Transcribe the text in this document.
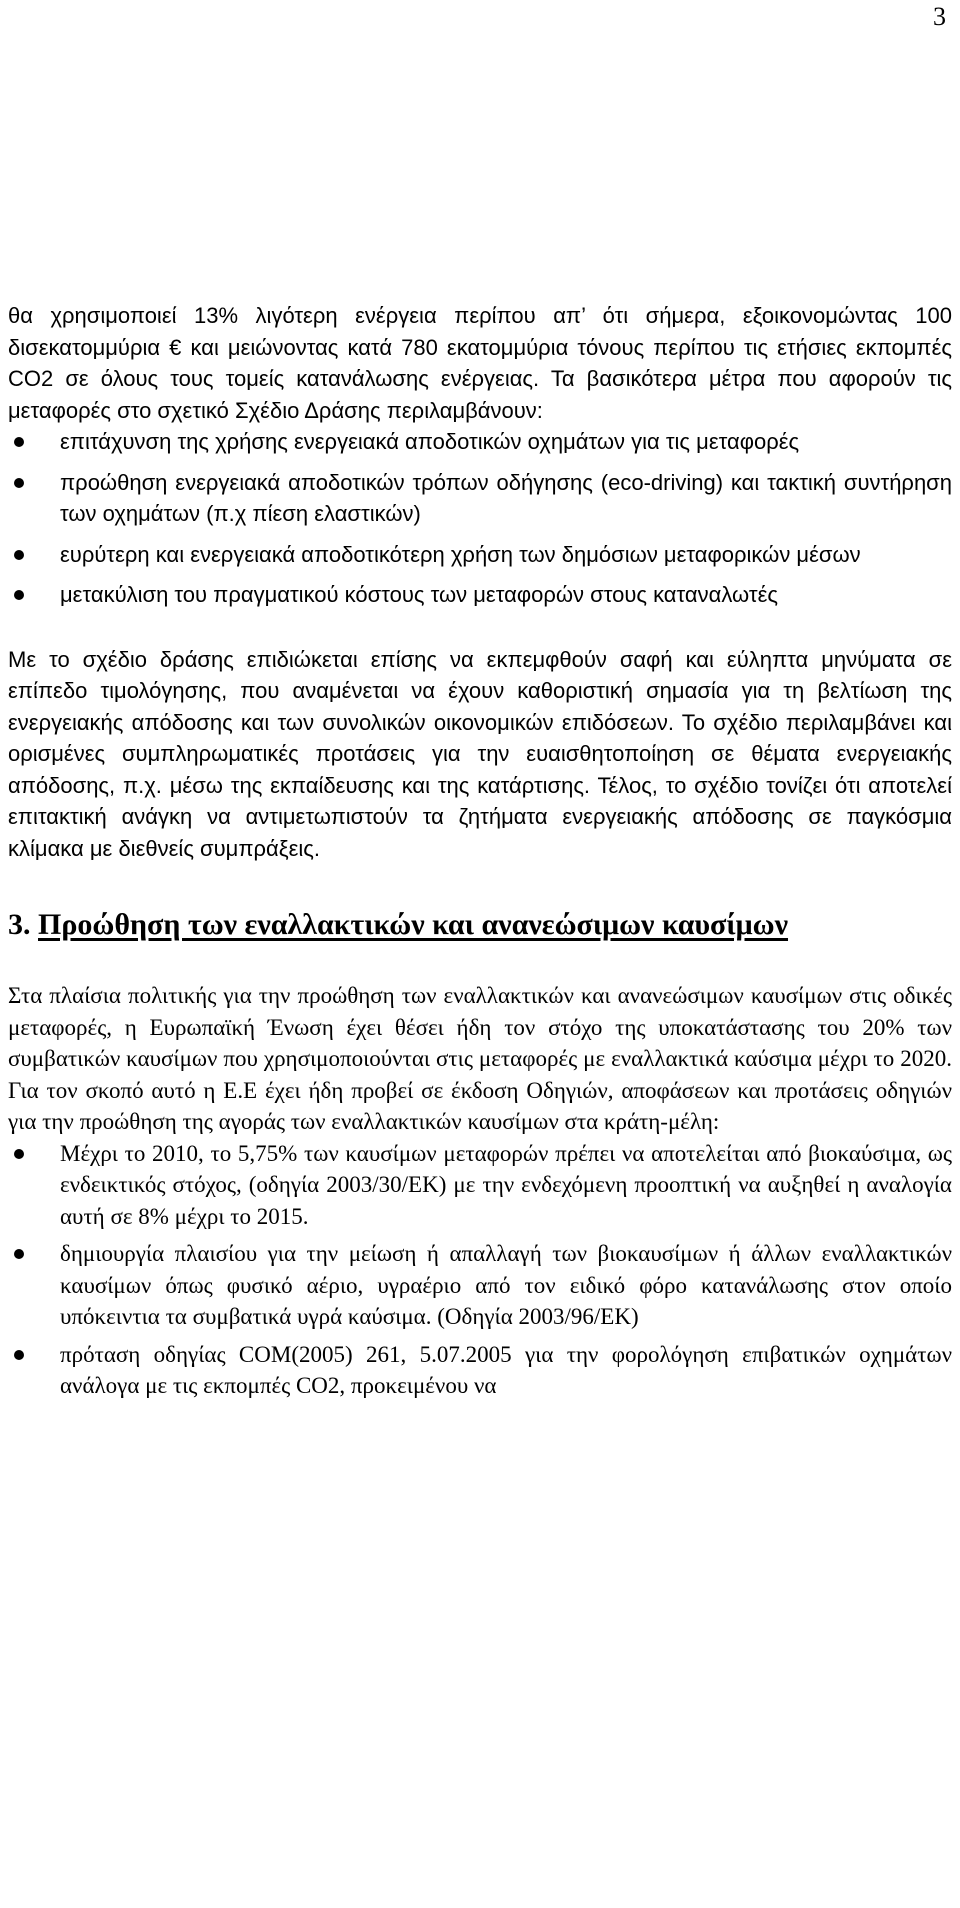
3

θα χρησιμοποιεί 13% λιγότερη ενέργεια περίπου απ’ ότι σήμερα, εξοικονομώντας 100 δισεκατομμύρια € και μειώνοντας κατά 780 εκατομμύρια τόνους περίπου τις ετήσιες εκπομπές CO2 σε όλους τους τομείς κατανάλωσης ενέργειας. Τα βασικότερα μέτρα που αφορούν τις μεταφορές στο σχετικό Σχέδιο Δράσης περιλαμβάνουν:

επιτάχυνση της χρήσης ενεργειακά αποδοτικών οχημάτων για τις μεταφορές
προώθηση ενεργειακά αποδοτικών τρόπων οδήγησης (eco-driving) και τακτική συντήρηση των οχημάτων (π.χ πίεση ελαστικών)
ευρύτερη και ενεργειακά αποδοτικότερη χρήση των δημόσιων μεταφορικών μέσων
μετακύλιση του πραγματικού κόστους των μεταφορών στους καταναλωτές

Με το σχέδιο δράσης επιδιώκεται επίσης να εκπεμφθούν σαφή και εύληπτα μηνύματα σε επίπεδο τιμολόγησης, που αναμένεται να έχουν καθοριστική σημασία για τη βελτίωση της ενεργειακής απόδοσης και των συνολικών οικονομικών επιδόσεων. Το σχέδιο περιλαμβάνει και ορισμένες συμπληρωματικές προτάσεις για την ευαισθητοποίηση σε θέματα ενεργειακής απόδοσης, π.χ. μέσω της εκπαίδευσης και της κατάρτισης. Τέλος, το σχέδιο τονίζει ότι αποτελεί επιτακτική ανάγκη να αντιμετωπιστούν τα ζητήματα ενεργειακής απόδοσης σε παγκόσμια κλίμακα με διεθνείς συμπράξεις.

3. Προώθηση των εναλλακτικών και ανανεώσιμων καυσίμων

Στα πλαίσια πολιτικής για την προώθηση των εναλλακτικών και ανανεώσιμων καυσίμων στις οδικές μεταφορές, η Ευρωπαϊκή Ένωση έχει θέσει ήδη τον στόχο της υποκατάστασης του 20% των συμβατικών καυσίμων που χρησιμοποιούνται στις μεταφορές με εναλλακτικά καύσιμα μέχρι το 2020. Για τον σκοπό αυτό η Ε.Ε έχει ήδη προβεί σε έκδοση Οδηγιών, αποφάσεων και προτάσεις οδηγιών για την προώθηση της αγοράς των εναλλακτικών καυσίμων στα κράτη-μέλη:

Μέχρι το 2010, το 5,75% των καυσίμων μεταφορών πρέπει να αποτελείται από βιοκαύσιμα, ως ενδεικτικός στόχος, (οδηγία 2003/30/ΕΚ) με την ενδεχόμενη προοπτική να αυξηθεί η αναλογία αυτή σε 8% μέχρι το 2015.
δημιουργία πλαισίου για την μείωση ή απαλλαγή των βιοκαυσίμων ή άλλων εναλλακτικών καυσίμων όπως φυσικό αέριο, υγραέριο από τον ειδικό φόρο κατανάλωσης στον οποίο υπόκειντια τα συμβατικά υγρά καύσιμα. (Οδηγία 2003/96/ΕΚ)
πρόταση οδηγίας COM(2005) 261, 5.07.2005 για την φορολόγηση επιβατικών οχημάτων ανάλογα με τις εκπομπές CO2, προκειμένου να
